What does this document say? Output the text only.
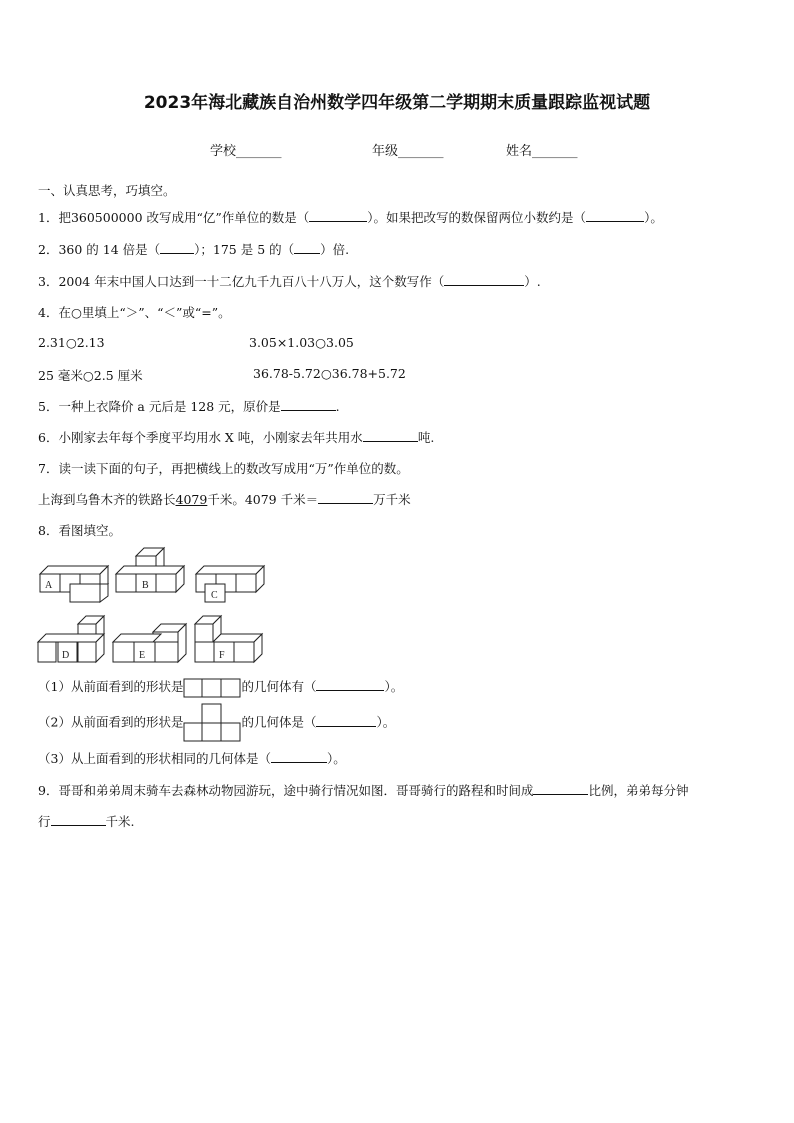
2023年海北藏族自治州数学四年级第二学期期末质量跟踪监视试题
学校_______	年级_______	姓名_______
一、认真思考，巧填空。
1．把360500000 改写成用“亿”作单位的数是（	）。如果把改写的数保留两位小数约是（	）。
2．360 的 14 倍是（	）；175 是 5 的（ ）倍.
3．2004 年末中国人口达到一十二亿九千九百八十八万人，这个数写作（	）.
4．在○里填上“＞”、“＜”或“=”。
2.31○2.13	3.05×1.03○3.05
25 毫米○2.5 厘米	36.78-5.72○36.78+5.72
5．一种上衣降价 a 元后是 128 元，原价是	.
6．小刚家去年每个季度平均用水 X 吨，小刚家去年共用水	吨.
7．读一读下面的句子，再把横线上的数改写成用“万”作单位的数。
上海到乌鲁木齐的铁路长4079千米。4079 千米＝	万千米
8．看图填空。
A	B
C
D	E	F
（1）从前面看到的形状是	的几何体有（	）。
（2）从前面看到的形状是	的几何体是（	）。
（3）从上面看到的形状相同的几何体是（	）。
9．哥哥和弟弟周末骑车去森林动物园游玩，途中骑行情况如图．哥哥骑行的路程和时间成	比例，弟弟每分钟
行	千米.
